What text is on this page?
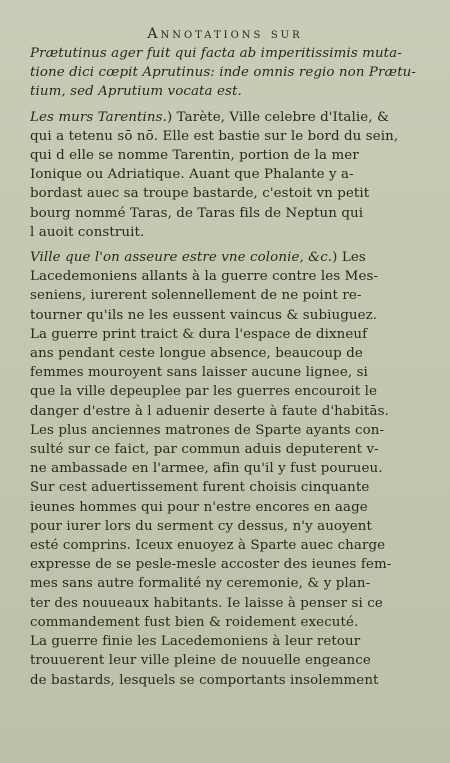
Annotations sur
Prætutinus ager fuit qui facta ab imperitissimis muta-
tione dici cœpit Aprutinus: inde omnis regio non Prætu-
tium, sed Aprutium vocata est.
Les murs Tarentins.) Tarète, Ville celebre d'Italie, &
qui a tetenu sō nō. Elle est bastie sur le bord du sein,
qui d elle se nomme Tarentin, portion de la mer
Ionique ou Adriatique. Auant que Phalante y a-
bordast auec sa troupe bastarde, c'estoit vn petit
bourg nommé Taras, de Taras fils de Neptun qui
l auoit construit.
Ville que l'on asseure estre vne colonie, &c.) Les
Lacedemoniens allants à la guerre contre les Mes-
seniens, iurerent solennellement de ne point re-
tourner qu'ils ne les eussent vaincus & subiuguez.
La guerre print traict & dura l'espace de dixneuf
ans pendant ceste longue absence, beaucoup de
femmes mouroyent sans laisser aucune lignee, si
que la ville depeuplee par les guerres encouroit le
danger d'estre à l aduenir deserte à faute d'habitās.
Les plus anciennes matrones de Sparte ayants con-
sulté sur ce faict, par commun aduis deputerent v-
ne ambassade en l'armee, afin qu'il y fust pourueu.
Sur cest aduertissement furent choisis cinquante
ieunes hommes qui pour n'estre encores en aage
pour iurer lors du serment cy dessus, n'y auoyent
esté comprins. Iceux enuoyez à Sparte auec charge
expresse de se pesle-mesle accoster des ieunes fem-
mes sans autre formalité ny ceremonie, & y plan-
ter des nouueaux habitants. Ie laisse à penser si ce
commandement fust bien & roidement executé.
La guerre finie les Lacedemoniens à leur retour
trouuerent leur ville pleine de nouuelle engeance
de bastards, lesquels se comportants insolemment
